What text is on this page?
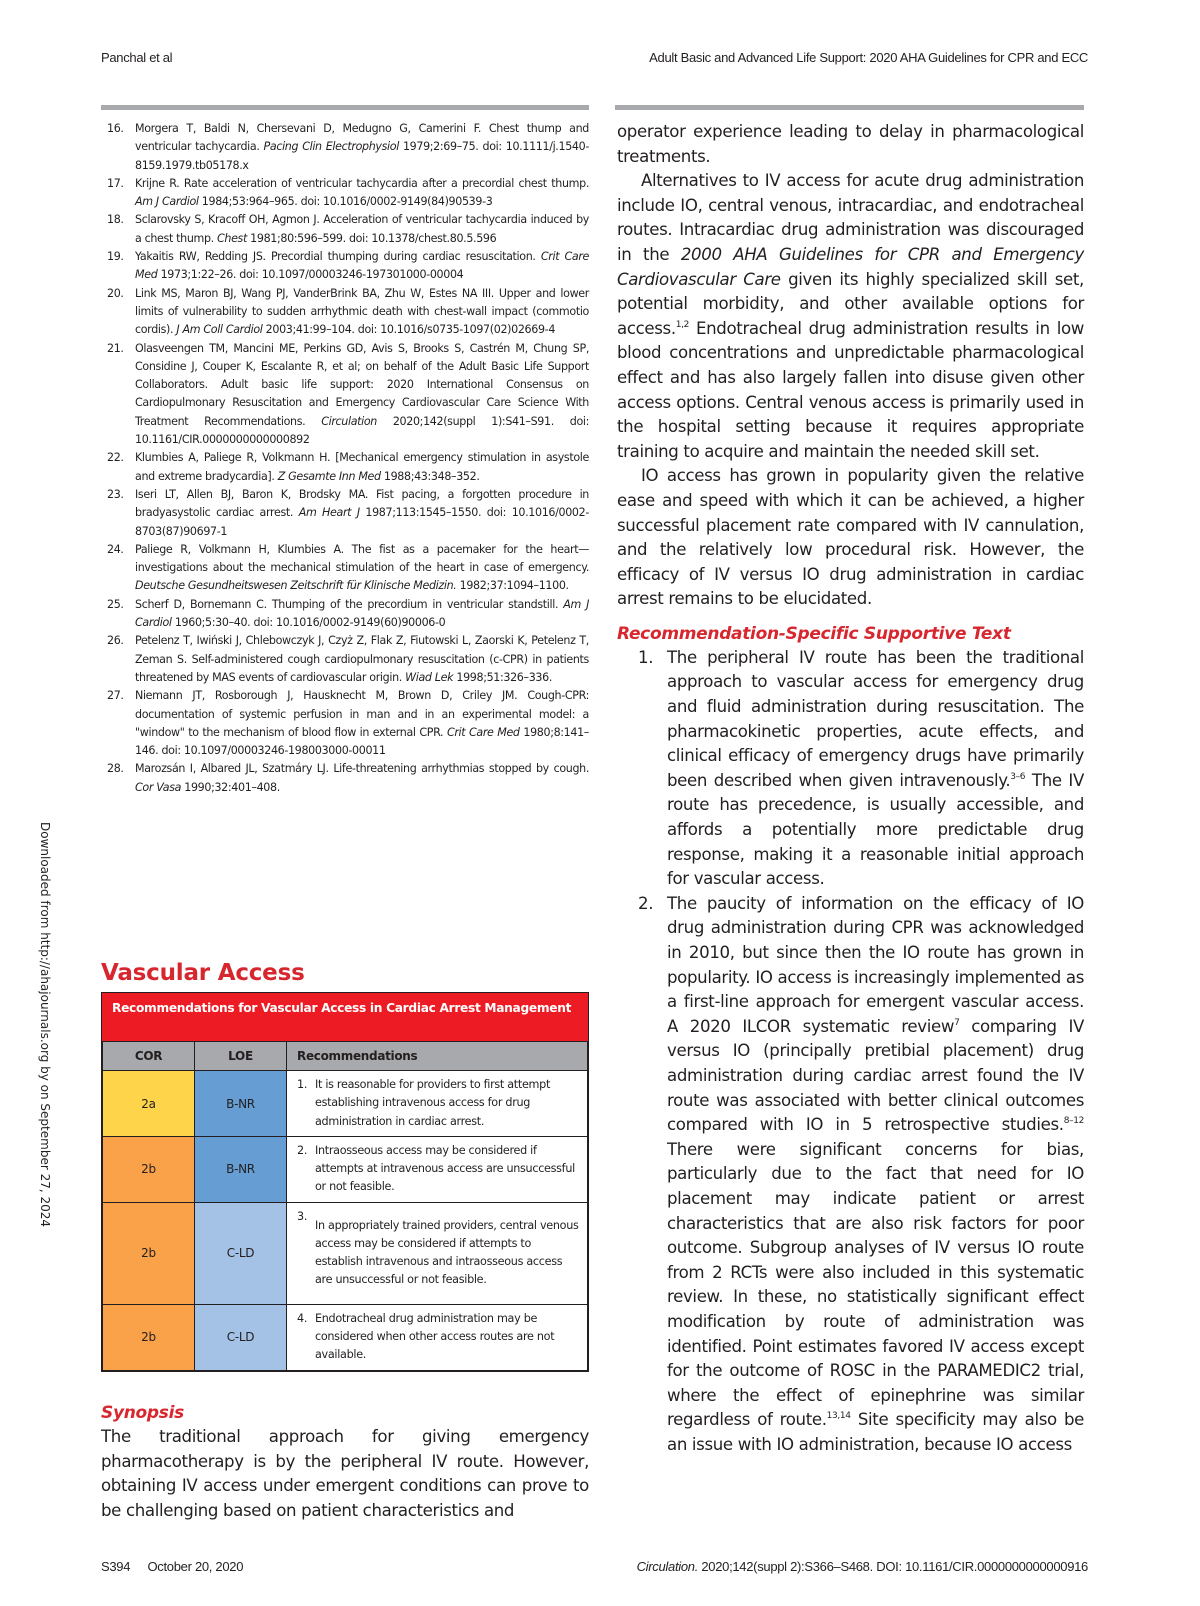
Panchal et al	Adult Basic and Advanced Life Support: 2020 AHA Guidelines for CPR and ECC
Downloaded from http://ahajournals.org by on September 27, 2024
16. Morgera T, Baldi N, Chersevani D, Medugno G, Camerini F. Chest thump and ventricular tachycardia. Pacing Clin Electrophysiol 1979;2:69–75. doi: 10.1111/j.1540-8159.1979.tb05178.x
17. Krijne R. Rate acceleration of ventricular tachycardia after a precordial chest thump. Am J Cardiol 1984;53:964–965. doi: 10.1016/0002-9149(84)90539-3
18. Sclarovsky S, Kracoff OH, Agmon J. Acceleration of ventricular tachycardia induced by a chest thump. Chest 1981;80:596–599. doi: 10.1378/chest.80.5.596
19. Yakaitis RW, Redding JS. Precordial thumping during cardiac resuscitation. Crit Care Med 1973;1:22–26. doi: 10.1097/00003246-197301000-00004
20. Link MS, Maron BJ, Wang PJ, VanderBrink BA, Zhu W, Estes NA III. Upper and lower limits of vulnerability to sudden arrhythmic death with chest-wall impact (commotio cordis). J Am Coll Cardiol 2003;41:99–104. doi: 10.1016/s0735-1097(02)02669-4
21. Olasveengen TM, Mancini ME, Perkins GD, Avis S, Brooks S, Castrén M, Chung SP, Considine J, Couper K, Escalante R, et al; on behalf of the Adult Basic Life Support Collaborators. Adult basic life support: 2020 International Consensus on Cardiopulmonary Resuscitation and Emergency Cardiovascular Care Science With Treatment Recommendations. Circulation 2020;142(suppl 1):S41–S91. doi: 10.1161/CIR.0000000000000892
22. Klumbies A, Paliege R, Volkmann H. [Mechanical emergency stimulation in asystole and extreme bradycardia]. Z Gesamte Inn Med 1988;43:348–352.
23. Iseri LT, Allen BJ, Baron K, Brodsky MA. Fist pacing, a forgotten procedure in bradyasystolic cardiac arrest. Am Heart J 1987;113:1545–1550. doi: 10.1016/0002-8703(87)90697-1
24. Paliege R, Volkmann H, Klumbies A. The fist as a pacemaker for the heart—investigations about the mechanical stimulation of the heart in case of emergency. Deutsche Gesundheitswesen Zeitschrift für Klinische Medizin. 1982;37:1094–1100.
25. Scherf D, Bornemann C. Thumping of the precordium in ventricular standstill. Am J Cardiol 1960;5:30–40. doi: 10.1016/0002-9149(60)90006-0
26. Petelenz T, Iwiński J, Chlebowczyk J, Czyż Z, Flak Z, Fiutowski L, Zaorski K, Petelenz T, Zeman S. Self-administered cough cardiopulmonary resuscitation (c-CPR) in patients threatened by MAS events of cardiovascular origin. Wiad Lek 1998;51:326–336.
27. Niemann JT, Rosborough J, Hausknecht M, Brown D, Criley JM. Cough-CPR: documentation of systemic perfusion in man and in an experimental model: a "window" to the mechanism of blood flow in external CPR. Crit Care Med 1980;8:141–146. doi: 10.1097/00003246-198003000-00011
28. Marozsán I, Albared JL, Szatmáry LJ. Life-threatening arrhythmias stopped by cough. Cor Vasa 1990;32:401–408.
Vascular Access
Recommendations for Vascular Access in Cardiac Arrest Management
COR	LOE	Recommendations
2a	B-NR	1. It is reasonable for providers to first attempt establishing intravenous access for drug administration in cardiac arrest.
2b	B-NR	2. Intraosseous access may be considered if attempts at intravenous access are unsuccessful or not feasible.
2b	C-LD	3.
In appropriately trained providers, central venous access may be considered if attempts to establish intravenous and intraosseous access are unsuccessful or not feasible.
2b	C-LD	4. Endotracheal drug administration may be considered when other access routes are not available.
Synopsis

The traditional approach for giving emergency pharmacotherapy is by the peripheral IV route. However, obtaining IV access under emergent conditions can prove to be challenging based on patient characteristics and

operator experience leading to delay in pharmacological treatments.

Alternatives to IV access for acute drug administration include IO, central venous, intracardiac, and endotracheal routes. Intracardiac drug administration was discouraged in the 2000 AHA Guidelines for CPR and Emergency Cardiovascular Care given its highly specialized skill set, potential morbidity, and other available options for access.$^{1,2}$ Endotracheal drug administration results in low blood concentrations and unpredictable pharmacological effect and has also largely fallen into disuse given other access options. Central venous access is primarily used in the hospital setting because it requires appropriate training to acquire and maintain the needed skill set.

IO access has grown in popularity given the relative ease and speed with which it can be achieved, a higher successful placement rate compared with IV cannulation, and the relatively low procedural risk. However, the efficacy of IV versus IO drug administration in cardiac arrest remains to be elucidated.

Recommendation-Specific Supportive Text
1. The peripheral IV route has been the traditional approach to vascular access for emergency drug and fluid administration during resuscitation. The pharmacokinetic properties, acute effects, and clinical efficacy of emergency drugs have primarily been described when given intravenously.$^{3-6}$ The IV route has precedence, is usually accessible, and affords a potentially more predictable drug response, making it a reasonable initial approach for vascular access.
2. The paucity of information on the efficacy of IO drug administration during CPR was acknowledged in 2010, but since then the IO route has grown in popularity. IO access is increasingly implemented as a first-line approach for emergent vascular access. A 2020 ILCOR systematic review$^7$ comparing IV versus IO (principally pretibial placement) drug administration during cardiac arrest found the IV route was associated with better clinical outcomes compared with IO in 5 retrospective studies.$^{8-12}$ There were significant concerns for bias, particularly due to the fact that need for IO placement may indicate patient or arrest characteristics that are also risk factors for poor outcome. Subgroup analyses of IV versus IO route from 2 RCTs were also included in this systematic review. In these, no statistically significant effect modification by route of administration was identified. Point estimates favored IV access except for the outcome of ROSC in the PARAMEDIC2 trial, where the effect of epinephrine was similar regardless of route.$^{13,14}$ Site specificity may also be an issue with IO administration, because IO access
S394 October 20, 2020	Circulation. 2020;142(suppl 2):S366–S468. DOI: 10.1161/CIR.0000000000000916
